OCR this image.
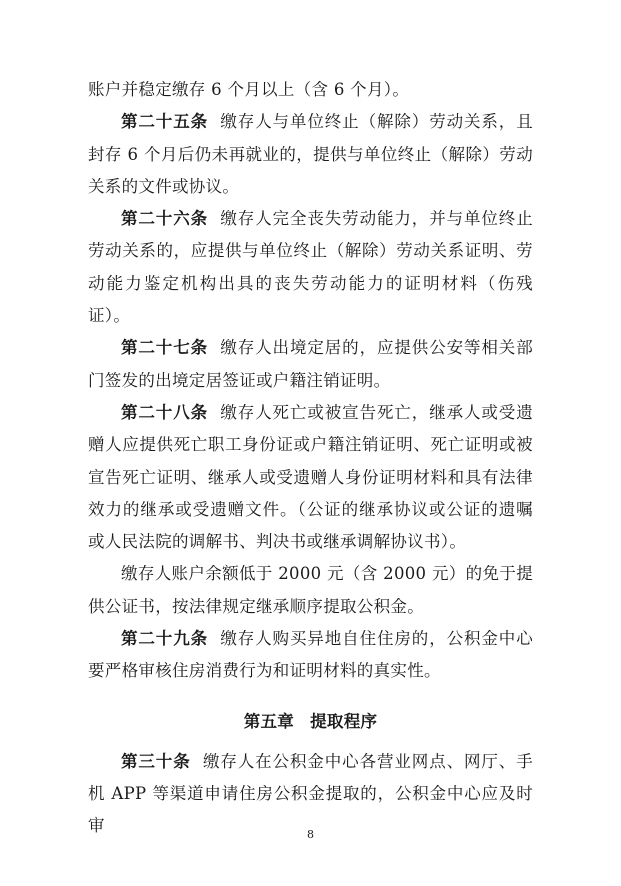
账户并稳定缴存 6 个月以上（含 6 个月）。

第二十五条 缴存人与单位终止（解除）劳动关系，且封存 6 个月后仍未再就业的，提供与单位终止（解除）劳动关系的文件或协议。

第二十六条 缴存人完全丧失劳动能力，并与单位终止劳动关系的，应提供与单位终止（解除）劳动关系证明、劳动能力鉴定机构出具的丧失劳动能力的证明材料（伤残证）。

第二十七条 缴存人出境定居的，应提供公安等相关部门签发的出境定居签证或户籍注销证明。

第二十八条 缴存人死亡或被宣告死亡，继承人或受遗赠人应提供死亡职工身份证或户籍注销证明、死亡证明或被宣告死亡证明、继承人或受遗赠人身份证明材料和具有法律效力的继承或受遗赠文件。（公证的继承协议或公证的遗嘱或人民法院的调解书、判决书或继承调解协议书）。

缴存人账户余额低于 2000 元（含 2000 元）的免于提供公证书，按法律规定继承顺序提取公积金。

第二十九条 缴存人购买异地自住住房的，公积金中心要严格审核住房消费行为和证明材料的真实性。

第五章 提取程序

第三十条 缴存人在公积金中心各营业网点、网厅、手机 APP 等渠道申请住房公积金提取的，公积金中心应及时审	8
